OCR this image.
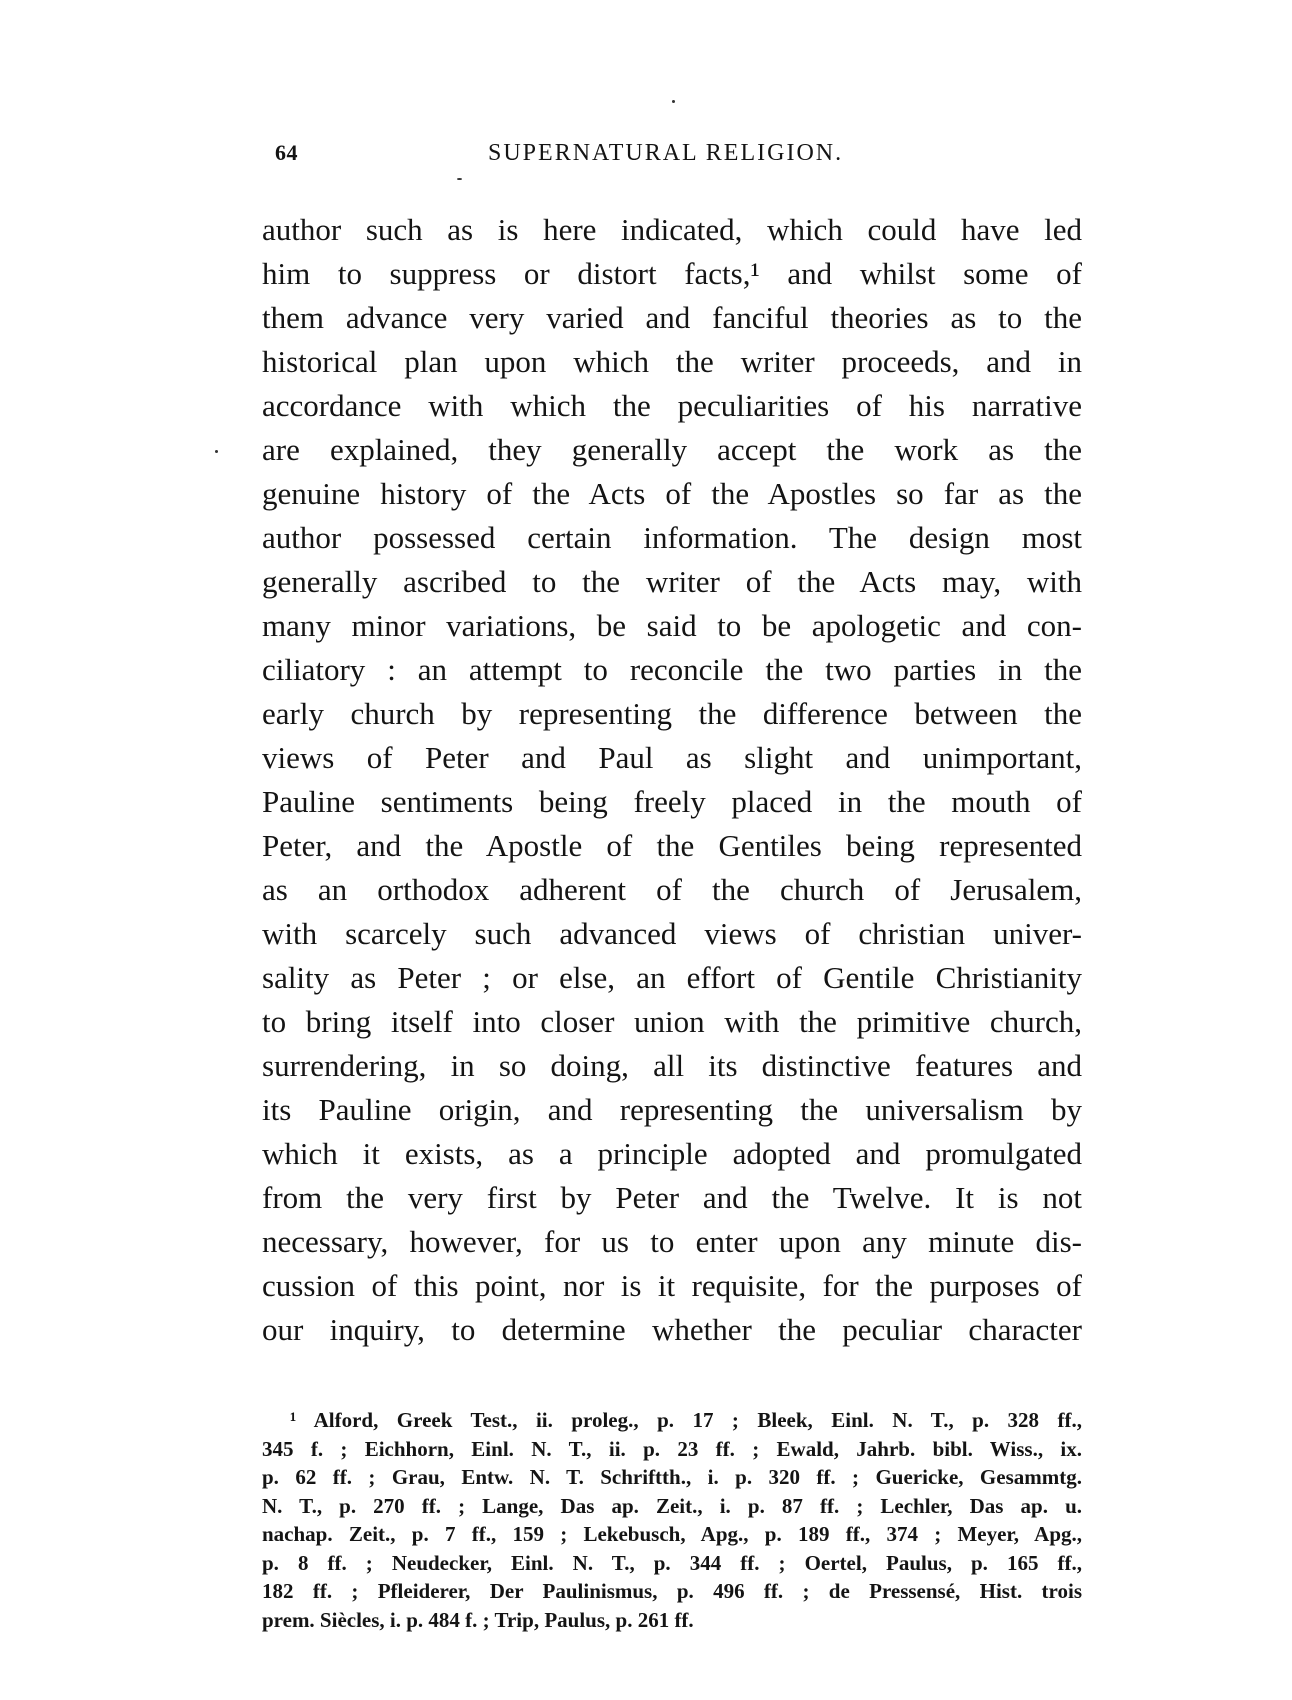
64	SUPERNATURAL RELIGION.
author such as is here indicated, which could have led
him to suppress or distort facts,¹ and whilst some of
them advance very varied and fanciful theories as to the
historical plan upon which the writer proceeds, and in
accordance with which the peculiarities of his narrative
are explained, they generally accept the work as the
genuine history of the Acts of the Apostles so far as the
author possessed certain information. The design most
generally ascribed to the writer of the Acts may, with
many minor variations, be said to be apologetic and con-
ciliatory : an attempt to reconcile the two parties in the
early church by representing the difference between the
views of Peter and Paul as slight and unimportant,
Pauline sentiments being freely placed in the mouth of
Peter, and the Apostle of the Gentiles being represented
as an orthodox adherent of the church of Jerusalem,
with scarcely such advanced views of christian univer-
sality as Peter ; or else, an effort of Gentile Christianity
to bring itself into closer union with the primitive church,
surrendering, in so doing, all its distinctive features and
its Pauline origin, and representing the universalism by
which it exists, as a principle adopted and promulgated
from the very first by Peter and the Twelve. It is not
necessary, however, for us to enter upon any minute dis-
cussion of this point, nor is it requisite, for the purposes of
our inquiry, to determine whether the peculiar character
¹ Alford, Greek Test., ii. proleg., p. 17 ; Bleek, Einl. N. T., p. 328 ff.,
345 f. ; Eichhorn, Einl. N. T., ii. p. 23 ff. ; Ewald, Jahrb. bibl. Wiss., ix.
p. 62 ff. ; Grau, Entw. N. T. Schriftth., i. p. 320 ff. ; Guericke, Gesammtg.
N. T., p. 270 ff. ; Lange, Das ap. Zeit., i. p. 87 ff. ; Lechler, Das ap. u.
nachap. Zeit., p. 7 ff., 159 ; Lekebusch, Apg., p. 189 ff., 374 ; Meyer, Apg.,
p. 8 ff. ; Neudecker, Einl. N. T., p. 344 ff. ; Oertel, Paulus, p. 165 ff.,
182 ff. ; Pfleiderer, Der Paulinismus, p. 496 ff. ; de Pressensé, Hist. trois
prem. Siècles, i. p. 484 f. ; Trip, Paulus, p. 261 ff.
